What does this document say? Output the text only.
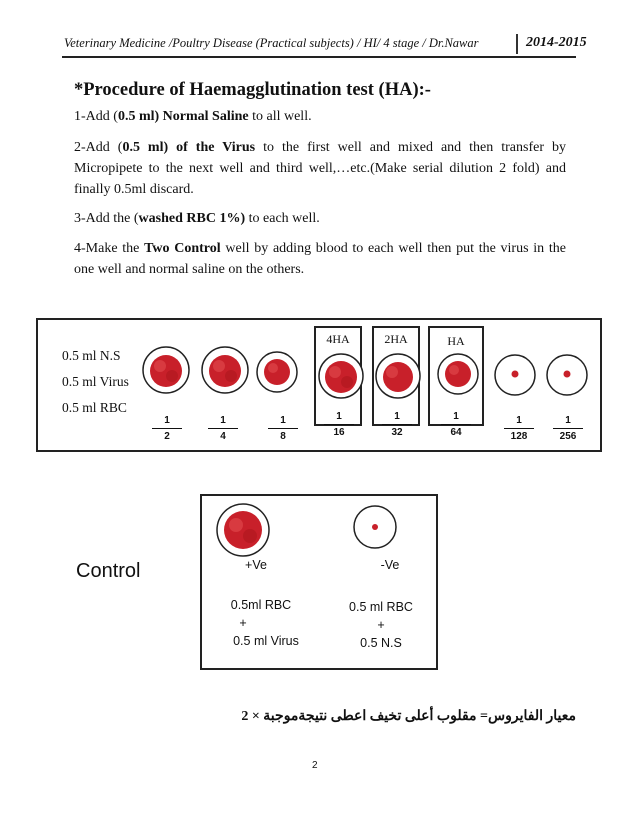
Veterinary Medicine /Poultry Disease (Practical subjects) / HI/ 4 stage / Dr.Nawar	2014-2015
*Procedure of Haemagglutination test (HA):-
1-Add (0.5 ml) Normal Saline to all well.
2-Add (0.5 ml) of the Virus to the first well and mixed and then transfer by Micropipete to the next well and third well,…etc.(Make serial dilution 2 fold) and finally 0.5ml discard.
3-Add the (washed RBC 1%) to each well.
4-Make the Two Control well by adding blood to each well then put the virus in the one well and normal saline on the others.
0.5 ml N.S
0.5 ml Virus
0.5 ml RBC
4HA	2HA	HA
1
2
1
4
1
8
1
16
1
32
1
64
1
128
1
256
Control	+Ve	-Ve
0.5ml RBC
+
0.5 ml Virus
0.5 ml RBC
+
0.5 N.S
معيار الفايروس= مقلوب أعلى تخيف اعطى نتيجةموجبة × 2
2
